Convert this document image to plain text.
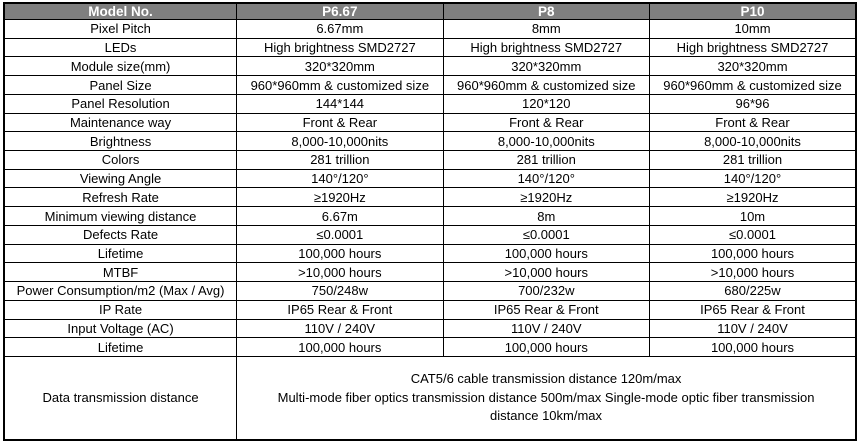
Model No.	P6.67	P8	P10
Pixel Pitch	6.67mm	8mm	10mm
LEDs	High brightness SMD2727	High brightness SMD2727	High brightness SMD2727
Module size(mm)	320*320mm	320*320mm	320*320mm
Panel Size	960*960mm & customized size	960*960mm & customized size	960*960mm & customized size
Panel Resolution	144*144	120*120	96*96
Maintenance way	Front & Rear	Front & Rear	Front & Rear
Brightness	8,000-10,000nits	8,000-10,000nits	8,000-10,000nits
Colors	281 trillion	281 trillion	281 trillion
Viewing Angle	140°/120°	140°/120°	140°/120°
Refresh Rate	≥1920Hz	≥1920Hz	≥1920Hz
Minimum viewing distance	6.67m	8m	10m
Defects Rate	≤0.0001	≤0.0001	≤0.0001
Lifetime	100,000 hours	100,000 hours	100,000 hours
MTBF	>10,000 hours	>10,000 hours	>10,000 hours
Power Consumption/m2 (Max / Avg)	750/248w	700/232w	680/225w
IP Rate	IP65 Rear & Front	IP65 Rear & Front	IP65 Rear & Front
Input Voltage (AC)	110V / 240V	110V / 240V	110V / 240V
Lifetime	100,000 hours	100,000 hours	100,000 hours
Data transmission distance	CAT5/6 cable transmission distance 120m/max
Multi-mode fiber optics transmission distance 500m/max Single-mode optic fiber transmission distance 10km/max		
